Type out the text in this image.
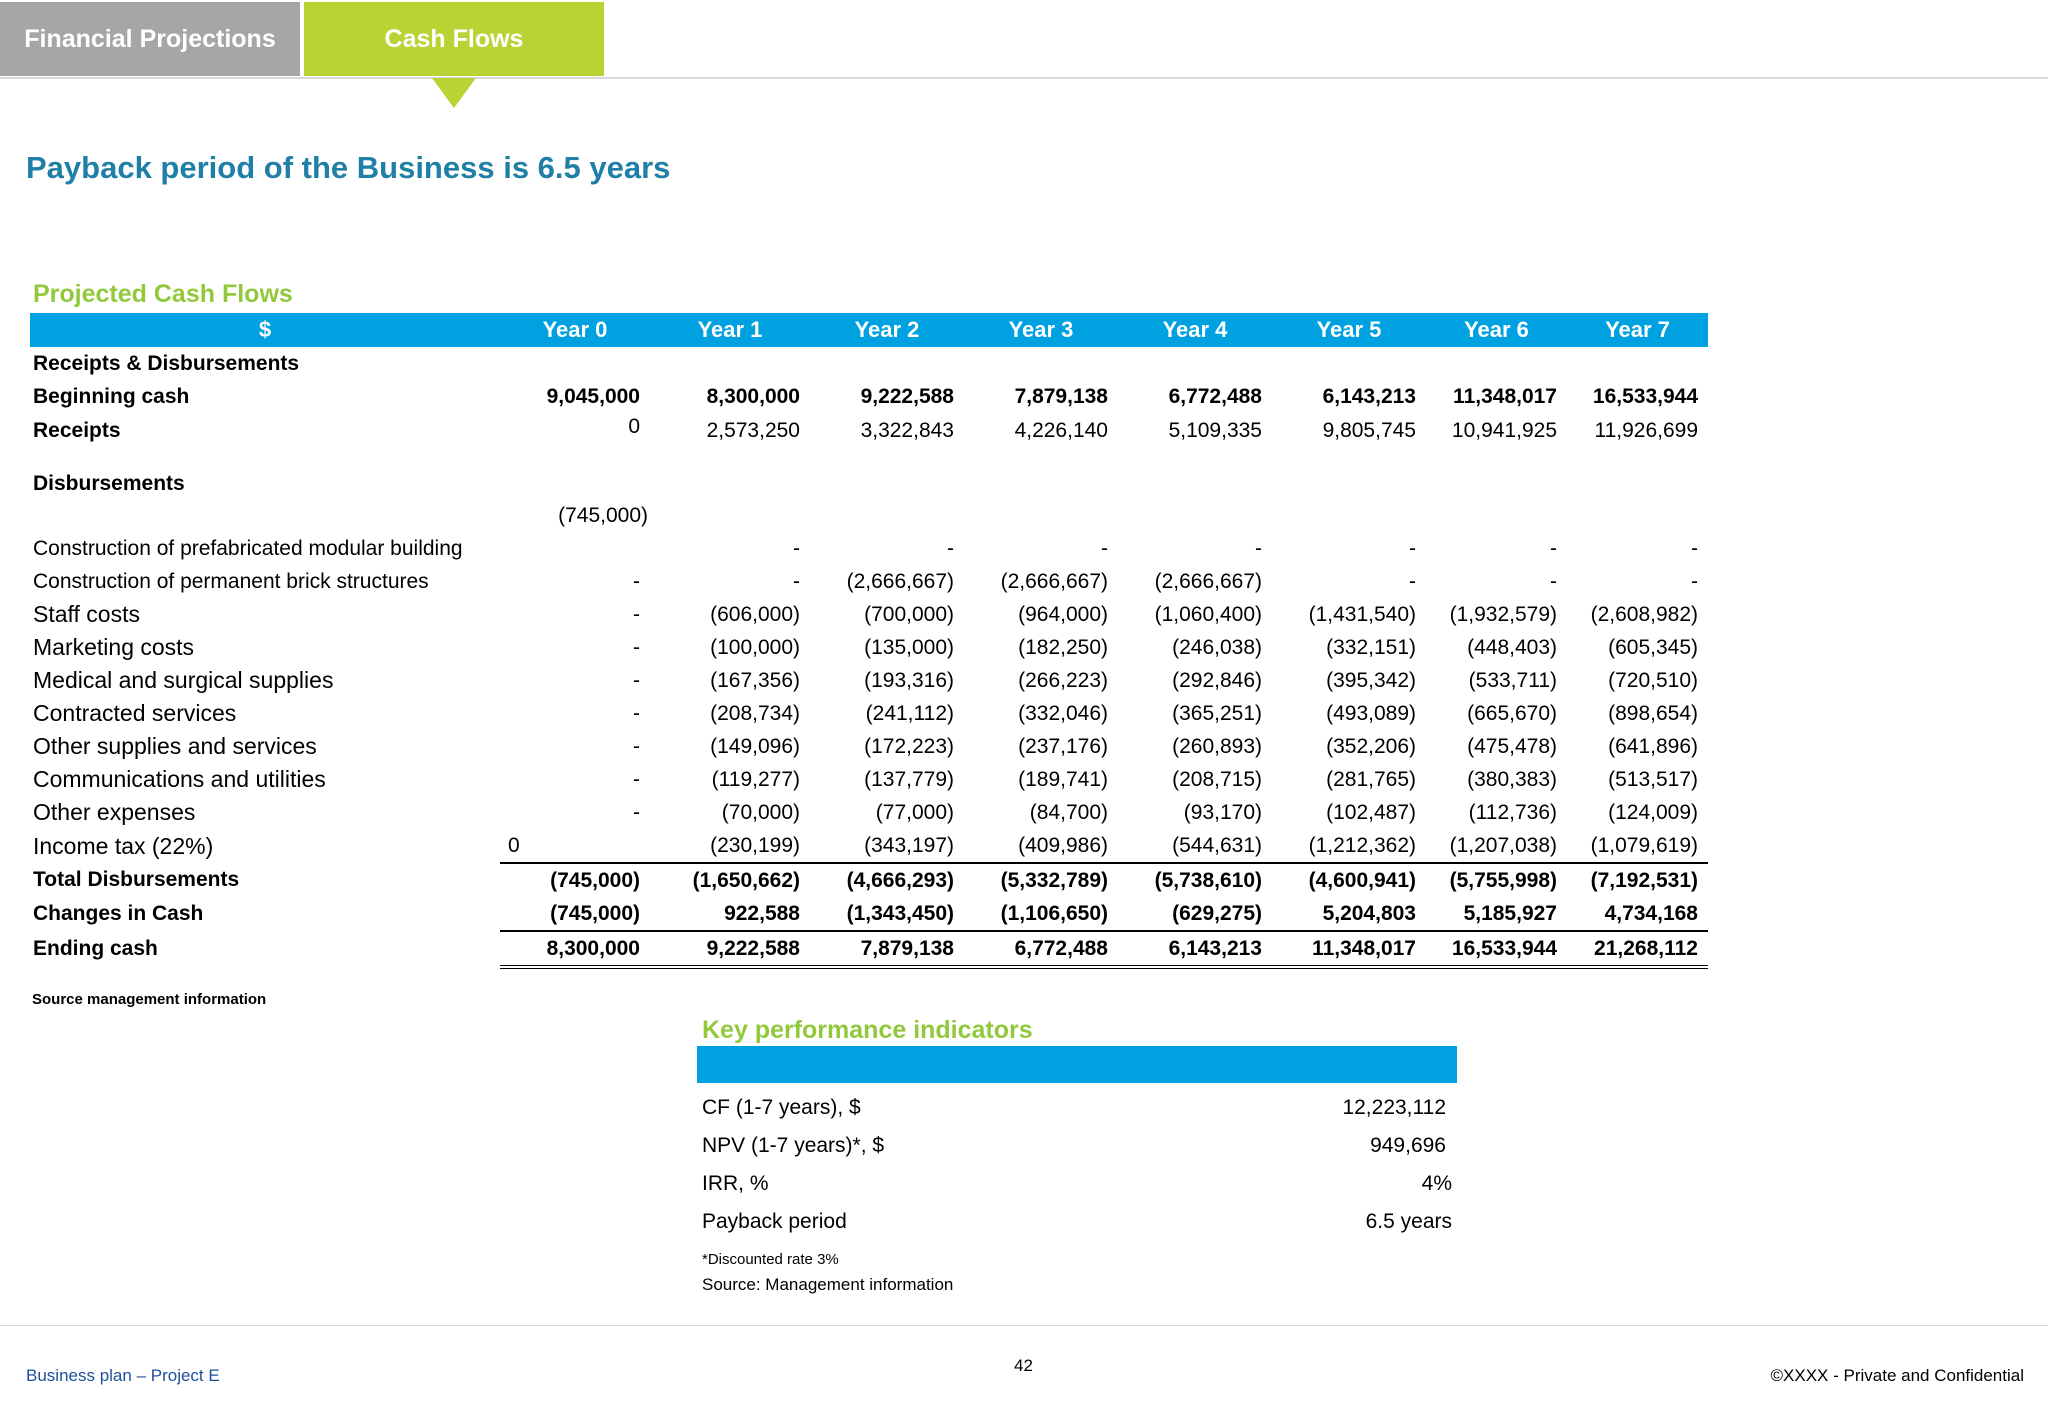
Financial Projections	Cash Flows
Payback period of the Business is 6.5 years
Projected Cash Flows
$	Year 0	Year 1	Year 2	Year 3	Year 4	Year 5	Year 6	Year 7
Receipts & Disbursements								
Beginning cash	9,045,000	8,300,000	9,222,588	7,879,138	6,772,488	6,143,213	11,348,017	16,533,944
Receipts	0	2,573,250	3,322,843	4,226,140	5,109,335	9,805,745	10,941,925	11,926,699
Disbursements								
	(745,000)							
Construction of prefabricated modular building		-	-	-	-	-	-	-
Construction of permanent brick structures	-	-	(2,666,667)	(2,666,667)	(2,666,667)	-	-	-
Staff costs	-	(606,000)	(700,000)	(964,000)	(1,060,400)	(1,431,540)	(1,932,579)	(2,608,982)
Marketing costs	-	(100,000)	(135,000)	(182,250)	(246,038)	(332,151)	(448,403)	(605,345)
Medical and surgical supplies	-	(167,356)	(193,316)	(266,223)	(292,846)	(395,342)	(533,711)	(720,510)
Contracted services	-	(208,734)	(241,112)	(332,046)	(365,251)	(493,089)	(665,670)	(898,654)
Other supplies and services	-	(149,096)	(172,223)	(237,176)	(260,893)	(352,206)	(475,478)	(641,896)
Communications and utilities	-	(119,277)	(137,779)	(189,741)	(208,715)	(281,765)	(380,383)	(513,517)
Other expenses	-	(70,000)	(77,000)	(84,700)	(93,170)	(102,487)	(112,736)	(124,009)
Income tax (22%)	0	(230,199)	(343,197)	(409,986)	(544,631)	(1,212,362)	(1,207,038)	(1,079,619)
Total Disbursements	(745,000)	(1,650,662)	(4,666,293)	(5,332,789)	(5,738,610)	(4,600,941)	(5,755,998)	(7,192,531)
Changes in Cash	(745,000)	922,588	(1,343,450)	(1,106,650)	(629,275)	5,204,803	5,185,927	4,734,168
Ending cash	8,300,000	9,222,588	7,879,138	6,772,488	6,143,213	11,348,017	16,533,944	21,268,112
Source management information
Key performance indicators
CF (1-7 years), $	12,223,112
NPV (1-7 years)*, $	949,696
IRR, %	4%
Payback period	6.5 years
*Discounted rate 3%
Source: Management information
Business plan – Project E
42
©XXXX - Private and Confidential
